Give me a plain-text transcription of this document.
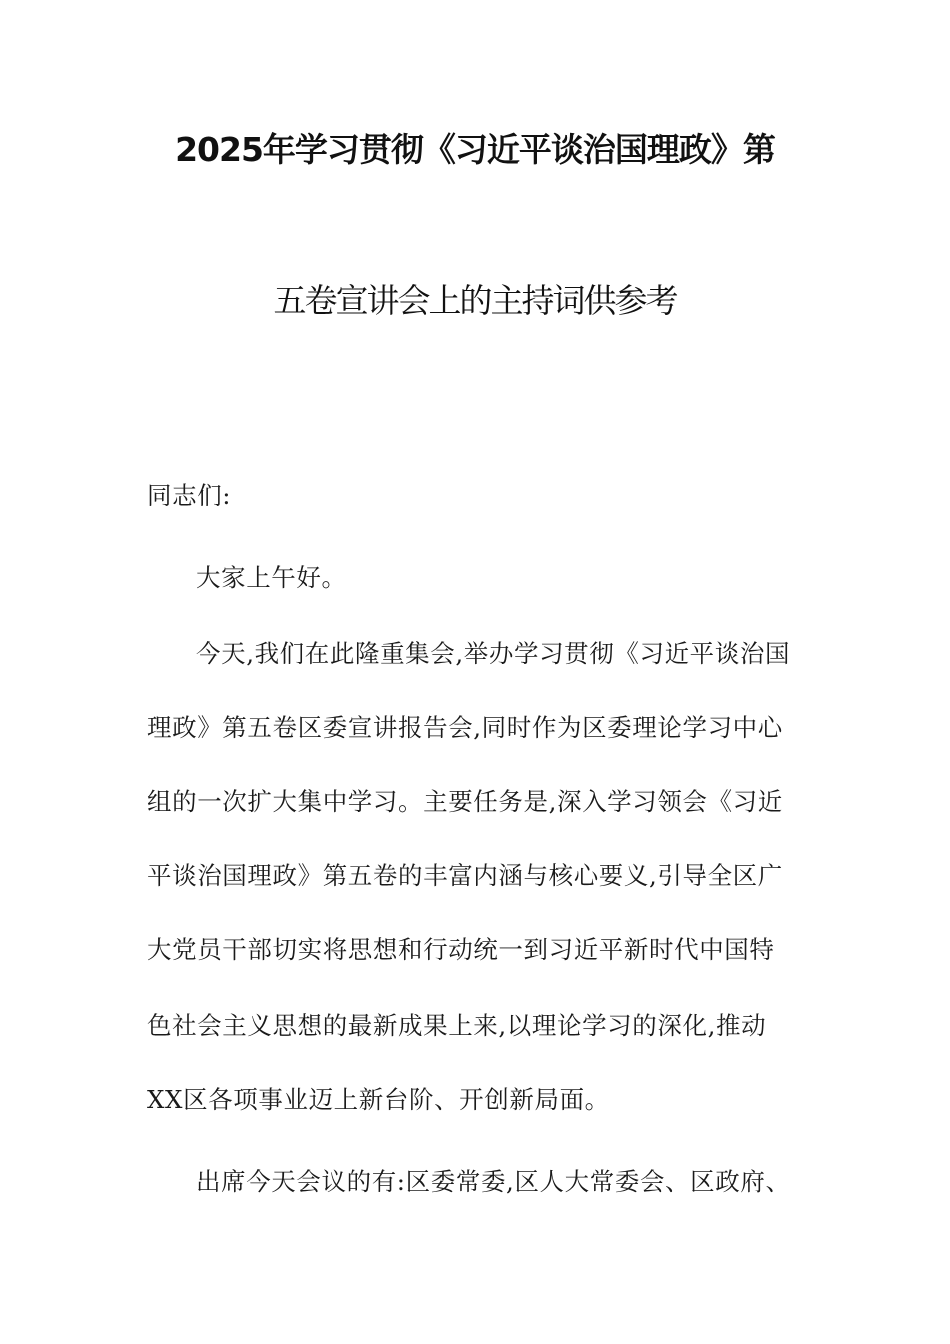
2025年学习贯彻《习近平谈治国理政》第
五卷宣讲会上的主持词供参考
同志们:
大家上午好。
今天,我们在此隆重集会,举办学习贯彻《习近平谈治国
理政》第五卷区委宣讲报告会,同时作为区委理论学习中心
组的一次扩大集中学习。主要任务是,深入学习领会《习近
平谈治国理政》第五卷的丰富内涵与核心要义,引导全区广
大党员干部切实将思想和行动统一到习近平新时代中国特
色社会主义思想的最新成果上来,以理论学习的深化,推动
XX区各项事业迈上新台阶、开创新局面。
出席今天会议的有:区委常委,区人大常委会、区政府、
